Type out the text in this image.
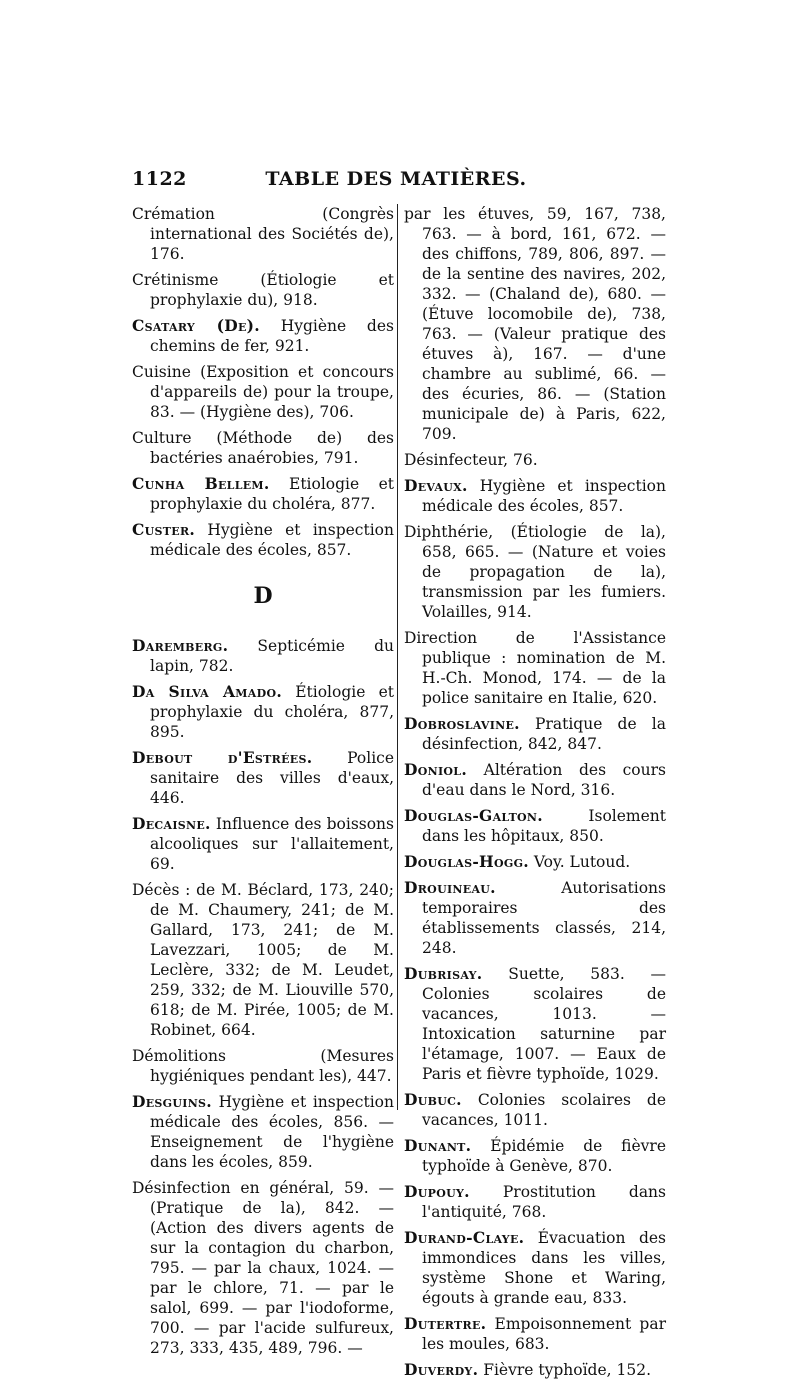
1122	TABLE DES MATIÈRES.

Crémation (Congrès international des Sociétés de), 176.

Crétinisme (Étiologie et prophylaxie du), 918.

Csatary (De). Hygiène des chemins de fer, 921.

Cuisine (Exposition et concours d'appareils de) pour la troupe, 83. — (Hygiène des), 706.

Culture (Méthode de) des bactéries anaérobies, 791.

Cunha Bellem. Etiologie et prophylaxie du choléra, 877.

Custer. Hygiène et inspection médicale des écoles, 857.

D

Daremberg. Septicémie du lapin, 782.

Da Silva Amado. Étiologie et prophylaxie du choléra, 877, 895.

Debout d'Estrées. Police sanitaire des villes d'eaux, 446.

Decaisne. Influence des boissons alcooliques sur l'allaitement, 69.

Décès : de M. Béclard, 173, 240; de M. Chaumery, 241; de M. Gallard, 173, 241; de M. Lavezzari, 1005; de M. Leclère, 332; de M. Leudet, 259, 332; de M. Liouville 570, 618; de M. Pirée, 1005; de M. Robinet, 664.

Démolitions (Mesures hygiéniques pendant les), 447.

Desguins. Hygiène et inspection médicale des écoles, 856. — Enseignement de l'hygiène dans les écoles, 859.

Désinfection en général, 59. — (Pratique de la), 842. — (Action des divers agents de sur la contagion du charbon, 795. — par la chaux, 1024. — par le chlore, 71. — par le salol, 699. — par l'iodoforme, 700. — par l'acide sulfureux, 273, 333, 435, 489, 796. —

par les étuves, 59, 167, 738, 763. — à bord, 161, 672. — des chiffons, 789, 806, 897. — de la sentine des navires, 202, 332. — (Chaland de), 680. — (Étuve locomobile de), 738, 763. — (Valeur pratique des étuves à), 167. — d'une chambre au sublimé, 66. — des écuries, 86. — (Station municipale de) à Paris, 622, 709.

Désinfecteur, 76.

Devaux. Hygiène et inspection médicale des écoles, 857.

Diphthérie, (Étiologie de la), 658, 665. — (Nature et voies de propagation de la), transmission par les fumiers. Volailles, 914.

Direction de l'Assistance publique : nomination de M. H.-Ch. Monod, 174. — de la police sanitaire en Italie, 620.

Dobroslavine. Pratique de la désinfection, 842, 847.

Doniol. Altération des cours d'eau dans le Nord, 316.

Douglas-Galton. Isolement dans les hôpitaux, 850.

Douglas-Hogg. Voy. Lutoud.

Drouineau. Autorisations temporaires des établissements classés, 214, 248.

Dubrisay. Suette, 583. — Colonies scolaires de vacances, 1013. — Intoxication saturnine par l'étamage, 1007. — Eaux de Paris et fièvre typhoïde, 1029.

Dubuc. Colonies scolaires de vacances, 1011.

Dunant. Épidémie de fièvre typhoïde à Genève, 870.

Dupouy. Prostitution dans l'antiquité, 768.

Durand-Claye. Évacuation des immondices dans les villes, système Shone et Waring, égouts à grande eau, 833.

Dutertre. Empoisonnement par les moules, 683.

Duverdy. Fièvre typhoïde, 152.
